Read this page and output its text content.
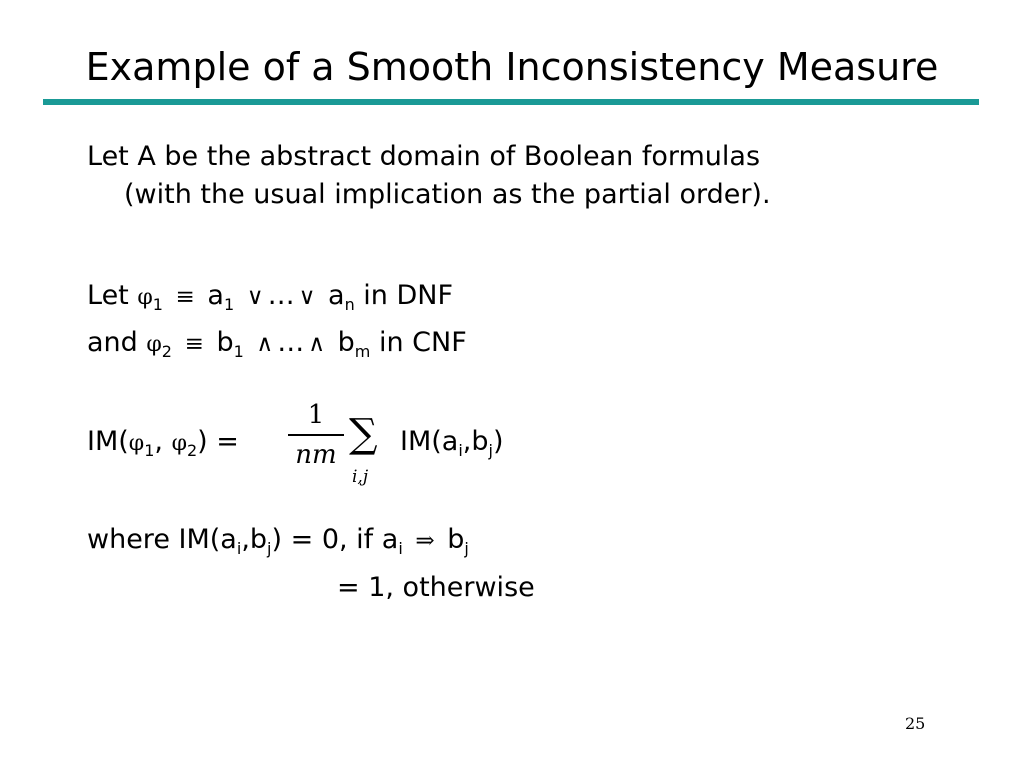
Example of a Smooth Inconsistency Measure
Let A be the abstract domain of Boolean formulas
(with the usual implication as the partial order).
Let $\varphi_1 \equiv a_1$ ∨ … ∨ $a_n$ in DNF
and $\varphi_2 \equiv b_1$ ∧ … ∧ $b_m$ in CNF
$IM(\varphi_1$, $\varphi_2$) =
1
nm ∑
i,j
$IM(a_i,b_j)$
where $IM(a_i,b_j) = 0$, if $a_i$ ⇒ $b_j$
= 1, otherwise
25
